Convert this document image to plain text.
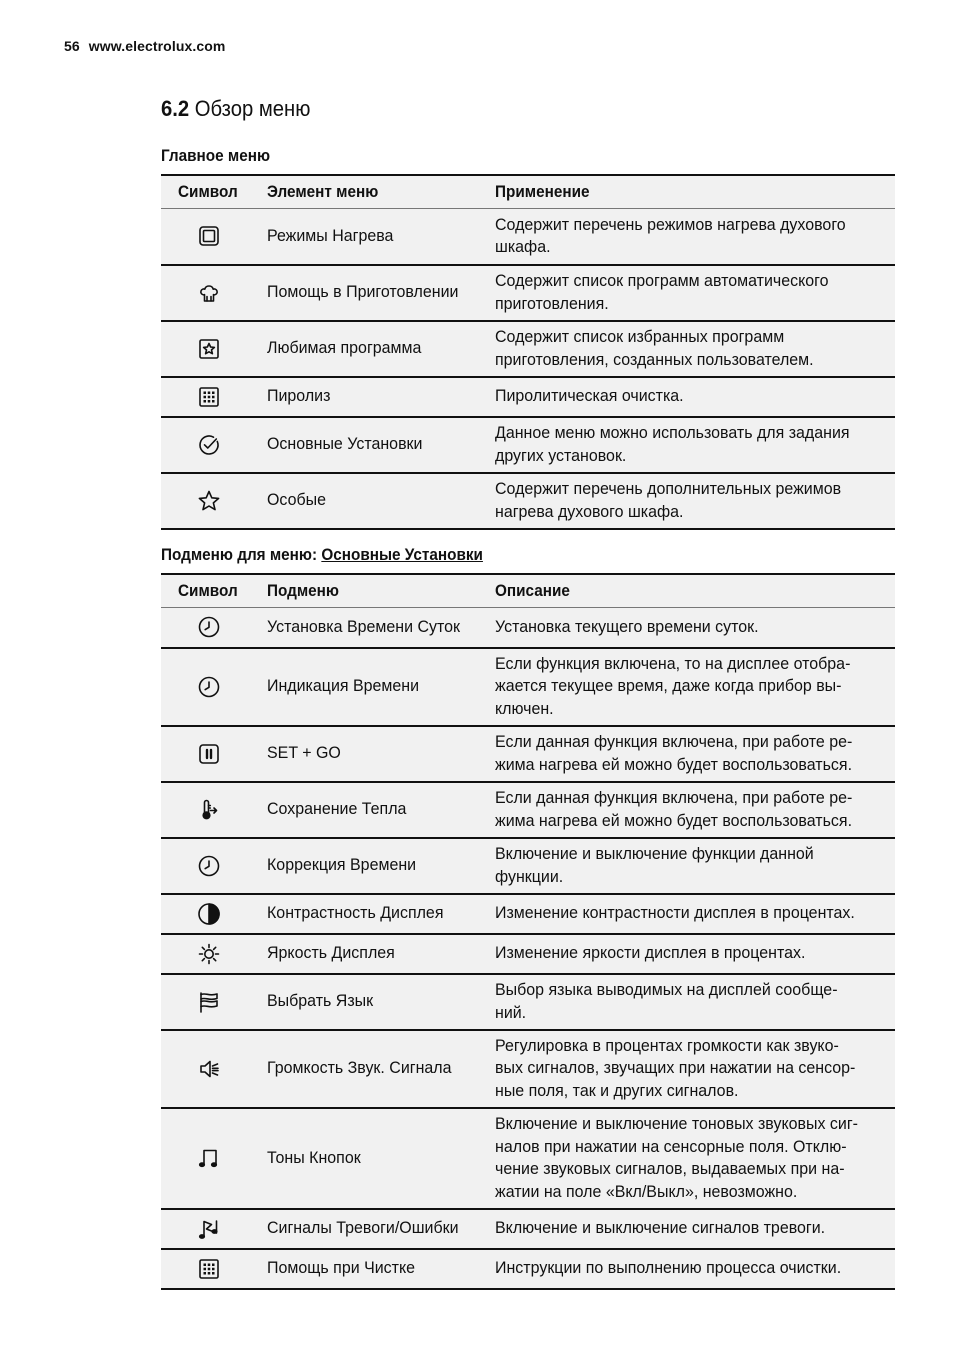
56 www.electrolux.com
6.2 Обзор меню
Главное меню
Символ	Элемент меню	Применение

Режимы Нагрева	Содержит перечень режимов нагрева духового
шкафа.

Помощь в Приготовлении	Содержит список программ автоматического
приготовления.

Любимая программа	Содержит список избранных программ
приготовления, созданных пользователем.

Пиролиз	Пиролитическая очистка.

Основные Установки	Данное меню можно использовать для задания
других установок.

Особые	Содержит перечень дополнительных режимов
нагрева духового шкафа.
Подменю для меню: Основные Установки
Символ	Подменю	Описание

Установка Времени Суток	Установка текущего времени суток.

Индикация Времени	Если функция включена, то на дисплее отобра-
жается текущее время, даже когда прибор вы-
ключен.

SET + GO	Если данная функция включена, при работе ре-
жима нагрева ей можно будет воспользоваться.

Сохранение Тепла	Если данная функция включена, при работе ре-
жима нагрева ей можно будет воспользоваться.

Коррекция Времени	Включение и выключение функции данной
функции.

Контрастность Дисплея	Изменение контрастности дисплея в процентах.

Яркость Дисплея	Изменение яркости дисплея в процентах.

Выбрать Язык	Выбор языка выводимых на дисплей сообще-
ний.

Громкость Звук. Сигнала	Регулировка в процентах громкости как звуко-
вых сигналов, звучащих при нажатии на сенсор-
ные поля, так и других сигналов.

Тоны Кнопок	Включение и выключение тоновых звуковых сиг-
налов при нажатии на сенсорные поля. Отклю-
чение звуковых сигналов, выдаваемых при на-
жатии на поле «Вкл/Выкл», невозможно.

Сигналы Тревоги/Ошибки	Включение и выключение сигналов тревоги.

Помощь при Чистке	Инструкции по выполнению процесса очистки.
